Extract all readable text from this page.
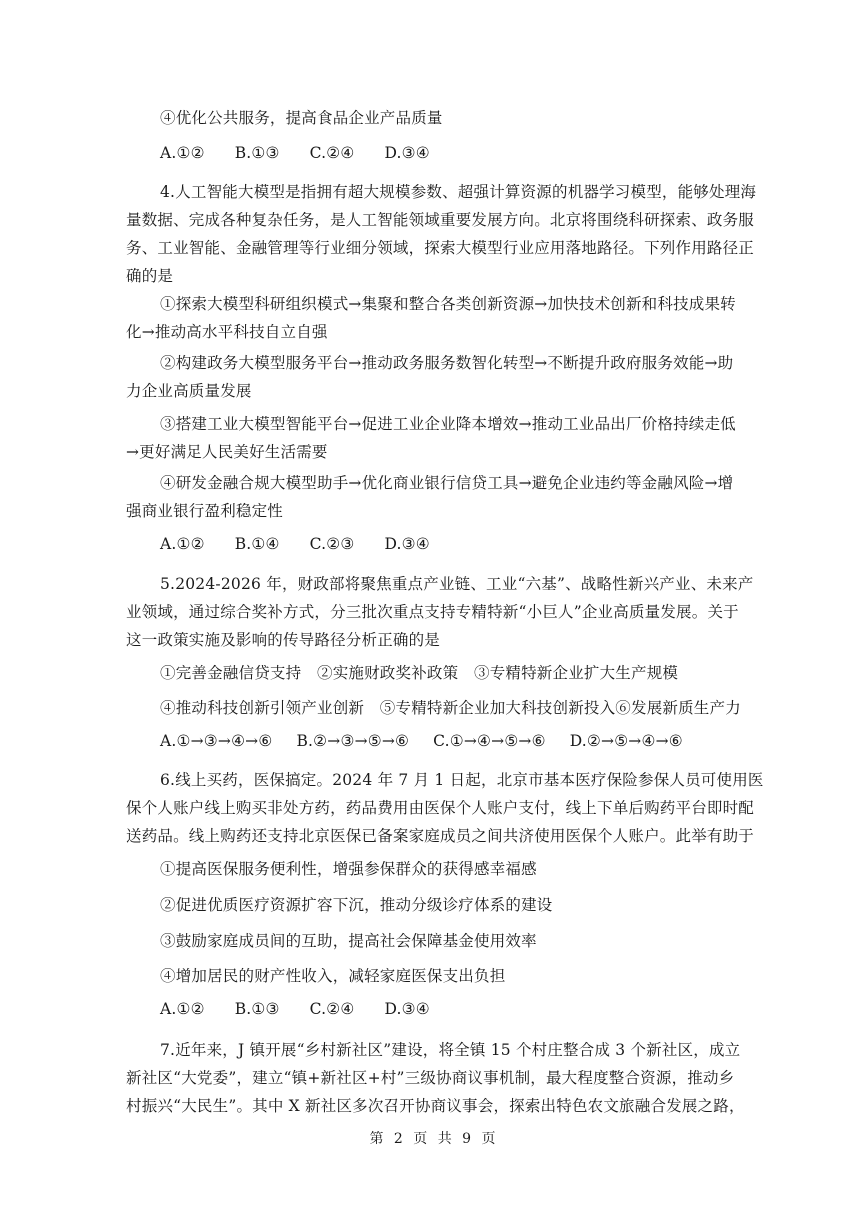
④优化公共服务，提高食品企业产品质量
A.①② B.①③ C.②④ D.③④
4.人工智能大模型是指拥有超大规模参数、超强计算资源的机器学习模型，能够处理海
量数据、完成各种复杂任务，是人工智能领域重要发展方向。北京将围绕科研探索、政务服
务、工业智能、金融管理等行业细分领域，探索大模型行业应用落地路径。下列作用路径正
确的是
①探索大模型科研组织模式→集聚和整合各类创新资源→加快技术创新和科技成果转
化→推动高水平科技自立自强
②构建政务大模型服务平台→推动政务服务数智化转型→不断提升政府服务效能→助
力企业高质量发展
③搭建工业大模型智能平台→促进工业企业降本增效→推动工业品出厂价格持续走低
→更好满足人民美好生活需要
④研发金融合规大模型助手→优化商业银行信贷工具→避免企业违约等金融风险→增
强商业银行盈利稳定性
A.①② B.①④ C.②③ D.③④
5.2024-2026 年，财政部将聚焦重点产业链、工业“六基”、战略性新兴产业、未来产
业领域，通过综合奖补方式，分三批次重点支持专精特新“小巨人”企业高质量发展。关于
这一政策实施及影响的传导路径分析正确的是
①完善金融信贷支持　②实施财政奖补政策　③专精特新企业扩大生产规模
④推动科技创新引领产业创新　⑤专精特新企业加大科技创新投入⑥发展新质生产力
A.①→③→④→⑥ B.②→③→⑤→⑥ C.①→④→⑤→⑥ D.②→⑤→④→⑥
6.线上买药，医保搞定。2024 年 7 月 1 日起，北京市基本医疗保险参保人员可使用医
保个人账户线上购买非处方药，药品费用由医保个人账户支付，线上下单后购药平台即时配
送药品。线上购药还支持北京医保已备案家庭成员之间共济使用医保个人账户。此举有助于
①提高医保服务便利性，增强参保群众的获得感幸福感
②促进优质医疗资源扩容下沉，推动分级诊疗体系的建设
③鼓励家庭成员间的互助，提高社会保障基金使用效率
④增加居民的财产性收入，减轻家庭医保支出负担
A.①② B.①③ C.②④ D.③④
7.近年来，J 镇开展“乡村新社区”建设，将全镇 15 个村庄整合成 3 个新社区，成立
新社区“大党委”，建立“镇+新社区+村”三级协商议事机制，最大程度整合资源，推动乡
村振兴“大民生”。其中 X 新社区多次召开协商议事会，探索出特色农文旅融合发展之路，
第 2 页 共 9 页
